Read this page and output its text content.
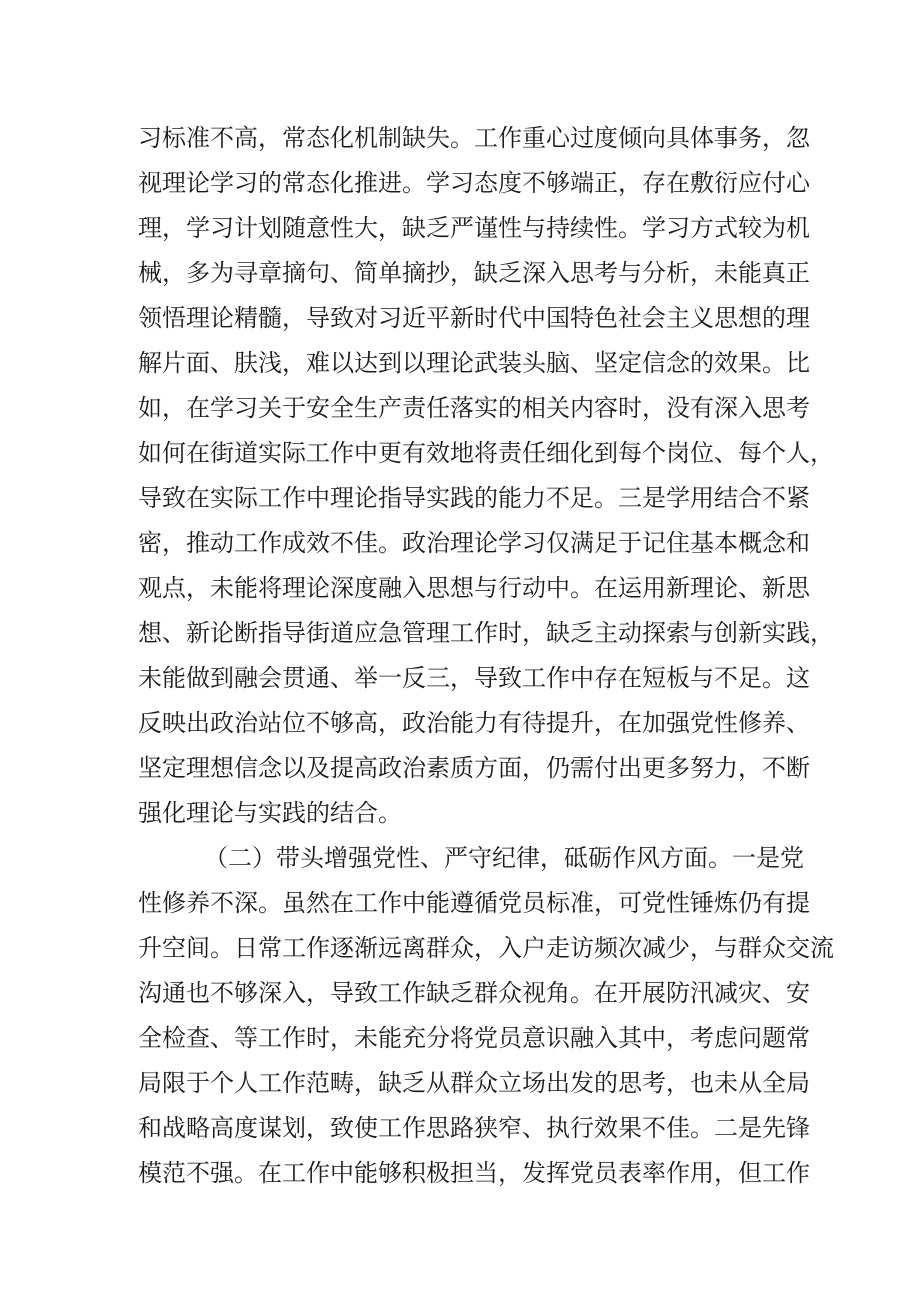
习标准不高，常态化机制缺失。工作重心过度倾向具体事务，忽
视理论学习的常态化推进。学习态度不够端正，存在敷衍应付心
理，学习计划随意性大，缺乏严谨性与持续性。学习方式较为机
械，多为寻章摘句、简单摘抄，缺乏深入思考与分析，未能真正
领悟理论精髓，导致对习近平新时代中国特色社会主义思想的理
解片面、肤浅，难以达到以理论武装头脑、坚定信念的效果。比
如，在学习关于安全生产责任落实的相关内容时，没有深入思考
如何在街道实际工作中更有效地将责任细化到每个岗位、每个人，
导致在实际工作中理论指导实践的能力不足。三是学用结合不紧
密，推动工作成效不佳。政治理论学习仅满足于记住基本概念和
观点，未能将理论深度融入思想与行动中。在运用新理论、新思
想、新论断指导街道应急管理工作时，缺乏主动探索与创新实践，
未能做到融会贯通、举一反三，导致工作中存在短板与不足。这
反映出政治站位不够高，政治能力有待提升，在加强党性修养、
坚定理想信念以及提高政治素质方面，仍需付出更多努力，不断
强化理论与实践的结合。
（二）带头增强党性、严守纪律，砥砺作风方面。一是党
性修养不深。虽然在工作中能遵循党员标准，可党性锤炼仍有提
升空间。日常工作逐渐远离群众，入户走访频次减少，与群众交流
沟通也不够深入，导致工作缺乏群众视角。在开展防汛减灾、安
全检查、等工作时，未能充分将党员意识融入其中，考虑问题常
局限于个人工作范畴，缺乏从群众立场出发的思考，也未从全局
和战略高度谋划，致使工作思路狭窄、执行效果不佳。二是先锋
模范不强。在工作中能够积极担当，发挥党员表率作用，但工作
